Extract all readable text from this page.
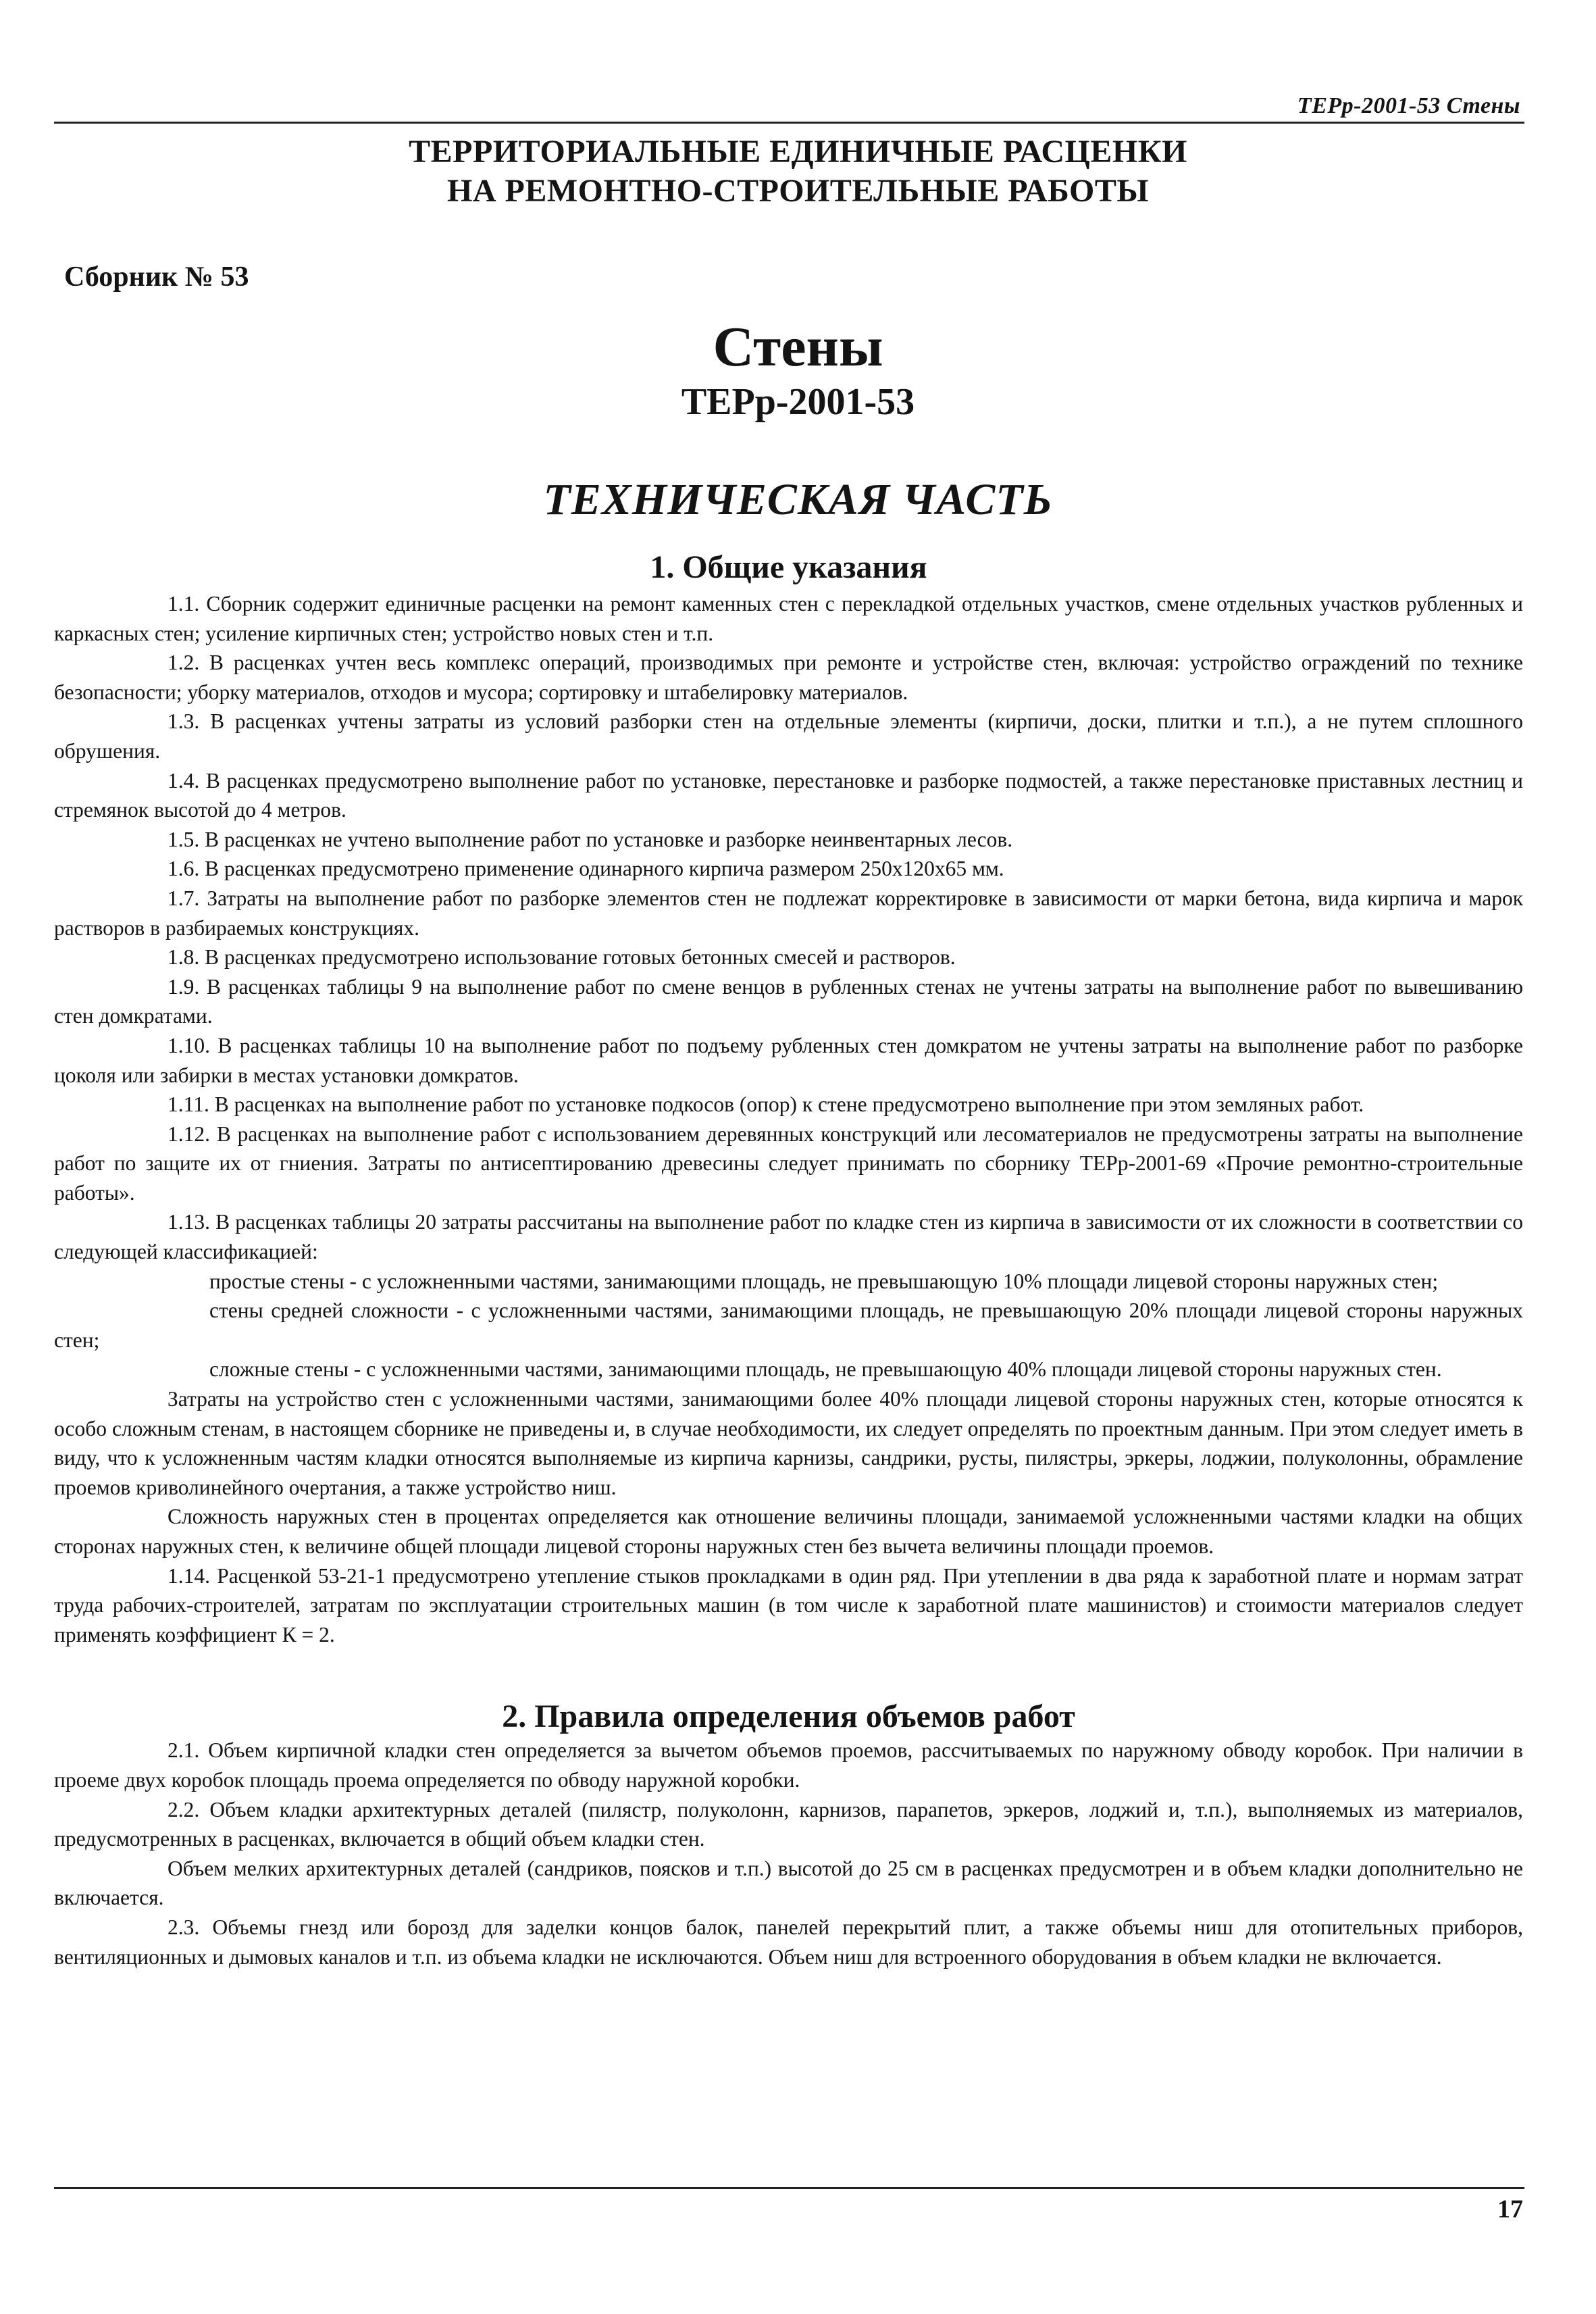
ТЕРр-2001-53 Стены
ТЕРРИТОРИАЛЬНЫЕ ЕДИНИЧНЫЕ РАСЦЕНКИ
НА РЕМОНТНО-СТРОИТЕЛЬНЫЕ РАБОТЫ
Сборник № 53
Стены
ТЕРр-2001-53
ТЕХНИЧЕСКАЯ ЧАСТЬ
1. Общие указания

1.1. Сборник содержит единичные расценки на ремонт каменных стен с перекладкой отдельных участков, смене отдельных участков рубленных и каркасных стен; усиление кирпичных стен; устройство новых стен и т.п.

1.2. В расценках учтен весь комплекс операций, производимых при ремонте и устройстве стен, включая: устройство ограждений по технике безопасности; уборку материалов, отходов и мусора; сортировку и штабелировку материалов.

1.3. В расценках учтены затраты из условий разборки стен на отдельные элементы (кирпичи, доски, плитки и т.п.), а не путем сплошного обрушения.

1.4. В расценках предусмотрено выполнение работ по установке, перестановке и разборке подмостей, а также перестановке приставных лестниц и стремянок высотой до 4 метров.

1.5. В расценках не учтено выполнение работ по установке и разборке неинвентарных лесов.

1.6. В расценках предусмотрено применение одинарного кирпича размером 250х120х65 мм.

1.7. Затраты на выполнение работ по разборке элементов стен не подлежат корректировке в зависимости от марки бетона, вида кирпича и марок растворов в разбираемых конструкциях.

1.8. В расценках предусмотрено использование готовых бетонных смесей и растворов.

1.9. В расценках таблицы 9 на выполнение работ по смене венцов в рубленных стенах не учтены затраты на выполнение работ по вывешиванию стен домкратами.

1.10. В расценках таблицы 10 на выполнение работ по подъему рубленных стен домкратом не учтены затраты на выполнение работ по разборке цоколя или забирки в местах установки домкратов.

1.11. В расценках на выполнение работ по установке подкосов (опор) к стене предусмотрено выполнение при этом земляных работ.

1.12. В расценках на выполнение работ с использованием деревянных конструкций или лесоматериалов не предусмотрены затраты на выполнение работ по защите их от гниения. Затраты по антисептированию древесины следует принимать по сборнику ТЕРр-2001-69 «Прочие ремонтно-строительные работы».

1.13. В расценках таблицы 20 затраты рассчитаны на выполнение работ по кладке стен из кирпича в зависимости от их сложности в соответствии со следующей классификацией:

простые стены - с усложненными частями, занимающими площадь, не превышающую 10% площади лицевой стороны наружных стен;

стены средней сложности - с усложненными частями, занимающими площадь, не превышающую 20% площади лицевой стороны наружных стен;

сложные стены - с усложненными частями, занимающими площадь, не превышающую 40% площади лицевой стороны наружных стен.

Затраты на устройство стен с усложненными частями, занимающими более 40% площади лицевой стороны наружных стен, которые относятся к особо сложным стенам, в настоящем сборнике не приведены и, в случае необходимости, их следует определять по проектным данным. При этом следует иметь в виду, что к усложненным частям кладки относятся выполняемые из кирпича карнизы, сандрики, русты, пилястры, эркеры, лоджии, полуколонны, обрамление проемов криволинейного очертания, а также устройство ниш.

Сложность наружных стен в процентах определяется как отношение величины площади, занимаемой усложненными частями кладки на общих сторонах наружных стен, к величине общей площади лицевой стороны наружных стен без вычета величины площади проемов.

1.14. Расценкой 53-21-1 предусмотрено утепление стыков прокладками в один ряд. При утеплении в два ряда к заработной плате и нормам затрат труда рабочих-строителей, затратам по эксплуатации строительных машин (в том числе к заработной плате машинистов) и стоимости материалов следует применять коэффициент К = 2.

2. Правила определения объемов работ

2.1. Объем кирпичной кладки стен определяется за вычетом объемов проемов, рассчитываемых по наружному обводу коробок. При наличии в проеме двух коробок площадь проема определяется по обводу наружной коробки.

2.2. Объем кладки архитектурных деталей (пилястр, полуколонн, карнизов, парапетов, эркеров, лоджий и, т.п.), выполняемых из материалов, предусмотренных в расценках, включается в общий объем кладки стен.

Объем мелких архитектурных деталей (сандриков, поясков и т.п.) высотой до 25 см в расценках предусмотрен и в объем кладки дополнительно не включается.

2.3. Объемы гнезд или борозд для заделки концов балок, панелей перекрытий плит, а также объемы ниш для отопительных приборов, вентиляционных и дымовых каналов и т.п. из объема кладки не исключаются. Объем ниш для встроенного оборудования в объем кладки не включается.

17
